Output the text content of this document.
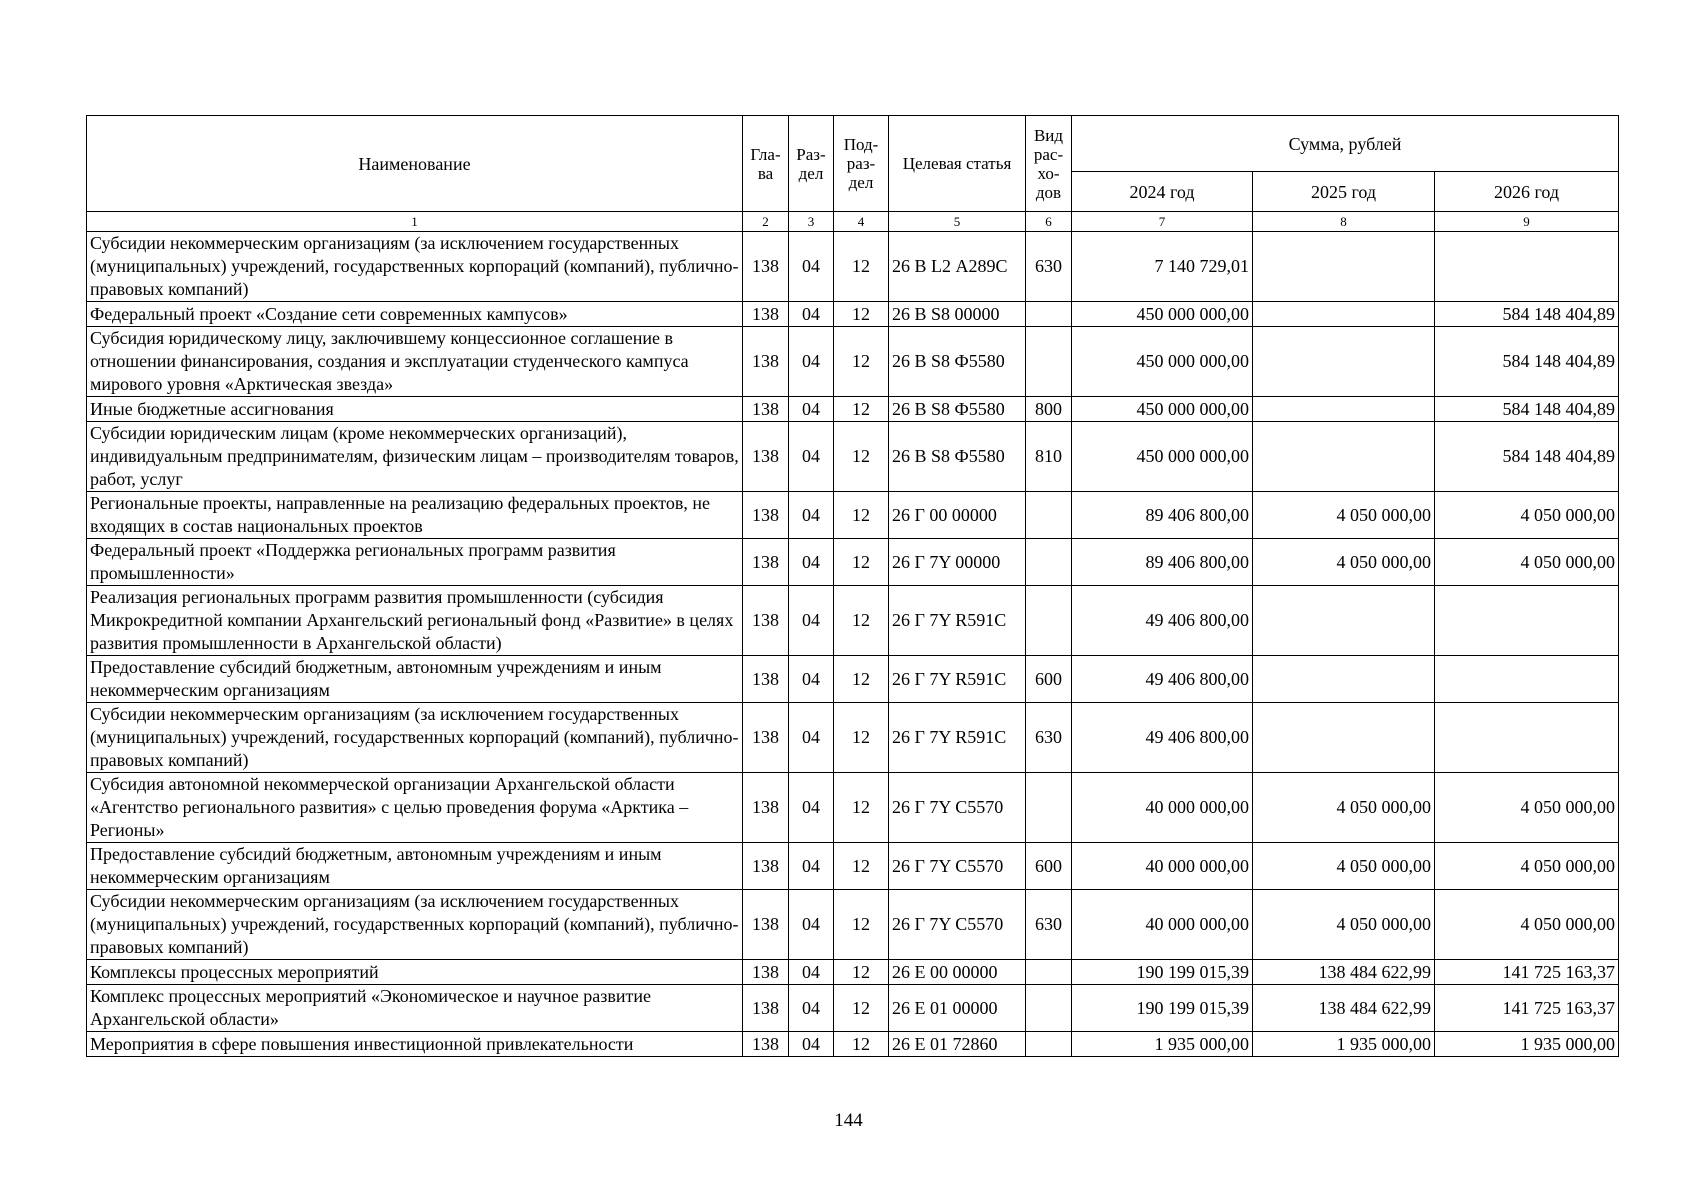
Наименование	Гла-ва	Раз-дел	Под-раз-дел	Целевая статья	Вид рас-хо-дов	Сумма, рублей		
						2024 год	2025 год	2026 год
1	2	3	4	5	6	7	8	9
Субсидии некоммерческим организациям (за исключением государственных (муниципальных) учреждений, государственных корпораций (компаний), публично-правовых компаний)	138	04	12	26 В L2 А289С	630	7 140 729,01		
Федеральный проект «Создание сети современных кампусов»	138	04	12	26 В S8 00000		450 000 000,00		584 148 404,89
Субсидия юридическому лицу, заключившему концессионное соглашение в отношении финансирования, создания и эксплуатации студенческого кампуса мирового уровня «Арктическая звезда»	138	04	12	26 В S8 Ф5580		450 000 000,00		584 148 404,89
Иные бюджетные ассигнования	138	04	12	26 В S8 Ф5580	800	450 000 000,00		584 148 404,89
Субсидии юридическим лицам (кроме некоммерческих организаций), индивидуальным предпринимателям, физическим лицам – производителям товаров, работ, услуг	138	04	12	26 В S8 Ф5580	810	450 000 000,00		584 148 404,89
Региональные проекты, направленные на реализацию федеральных проектов, не входящих в состав национальных проектов	138	04	12	26 Г 00 00000		89 406 800,00	4 050 000,00	4 050 000,00
Федеральный проект «Поддержка региональных программ развития промышленности»	138	04	12	26 Г 7Y 00000		89 406 800,00	4 050 000,00	4 050 000,00
Реализация региональных программ развития промышленности (субсидия Микрокредитной компании Архангельский региональный фонд «Развитие» в целях развития промышленности в Архангельской области)	138	04	12	26 Г 7Y R591С		49 406 800,00		
Предоставление субсидий бюджетным, автономным учреждениям и иным некоммерческим организациям	138	04	12	26 Г 7Y R591С	600	49 406 800,00		
Субсидии некоммерческим организациям (за исключением государственных (муниципальных) учреждений, государственных корпораций (компаний), публично-правовых компаний)	138	04	12	26 Г 7Y R591С	630	49 406 800,00		
Субсидия автономной некоммерческой организации Архангельской области «Агентство регионального развития» с целью проведения форума «Арктика – Регионы»	138	04	12	26 Г 7Y С5570		40 000 000,00	4 050 000,00	4 050 000,00
Предоставление субсидий бюджетным, автономным учреждениям и иным некоммерческим организациям	138	04	12	26 Г 7Y С5570	600	40 000 000,00	4 050 000,00	4 050 000,00
Субсидии некоммерческим организациям (за исключением государственных (муниципальных) учреждений, государственных корпораций (компаний), публично-правовых компаний)	138	04	12	26 Г 7Y С5570	630	40 000 000,00	4 050 000,00	4 050 000,00
Комплексы процессных мероприятий	138	04	12	26 Е 00 00000		190 199 015,39	138 484 622,99	141 725 163,37
Комплекс процессных мероприятий «Экономическое и научное развитие Архангельской области»	138	04	12	26 Е 01 00000		190 199 015,39	138 484 622,99	141 725 163,37
Мероприятия в сфере повышения инвестиционной привлекательности	138	04	12	26 Е 01 72860		1 935 000,00	1 935 000,00	1 935 000,00
144
